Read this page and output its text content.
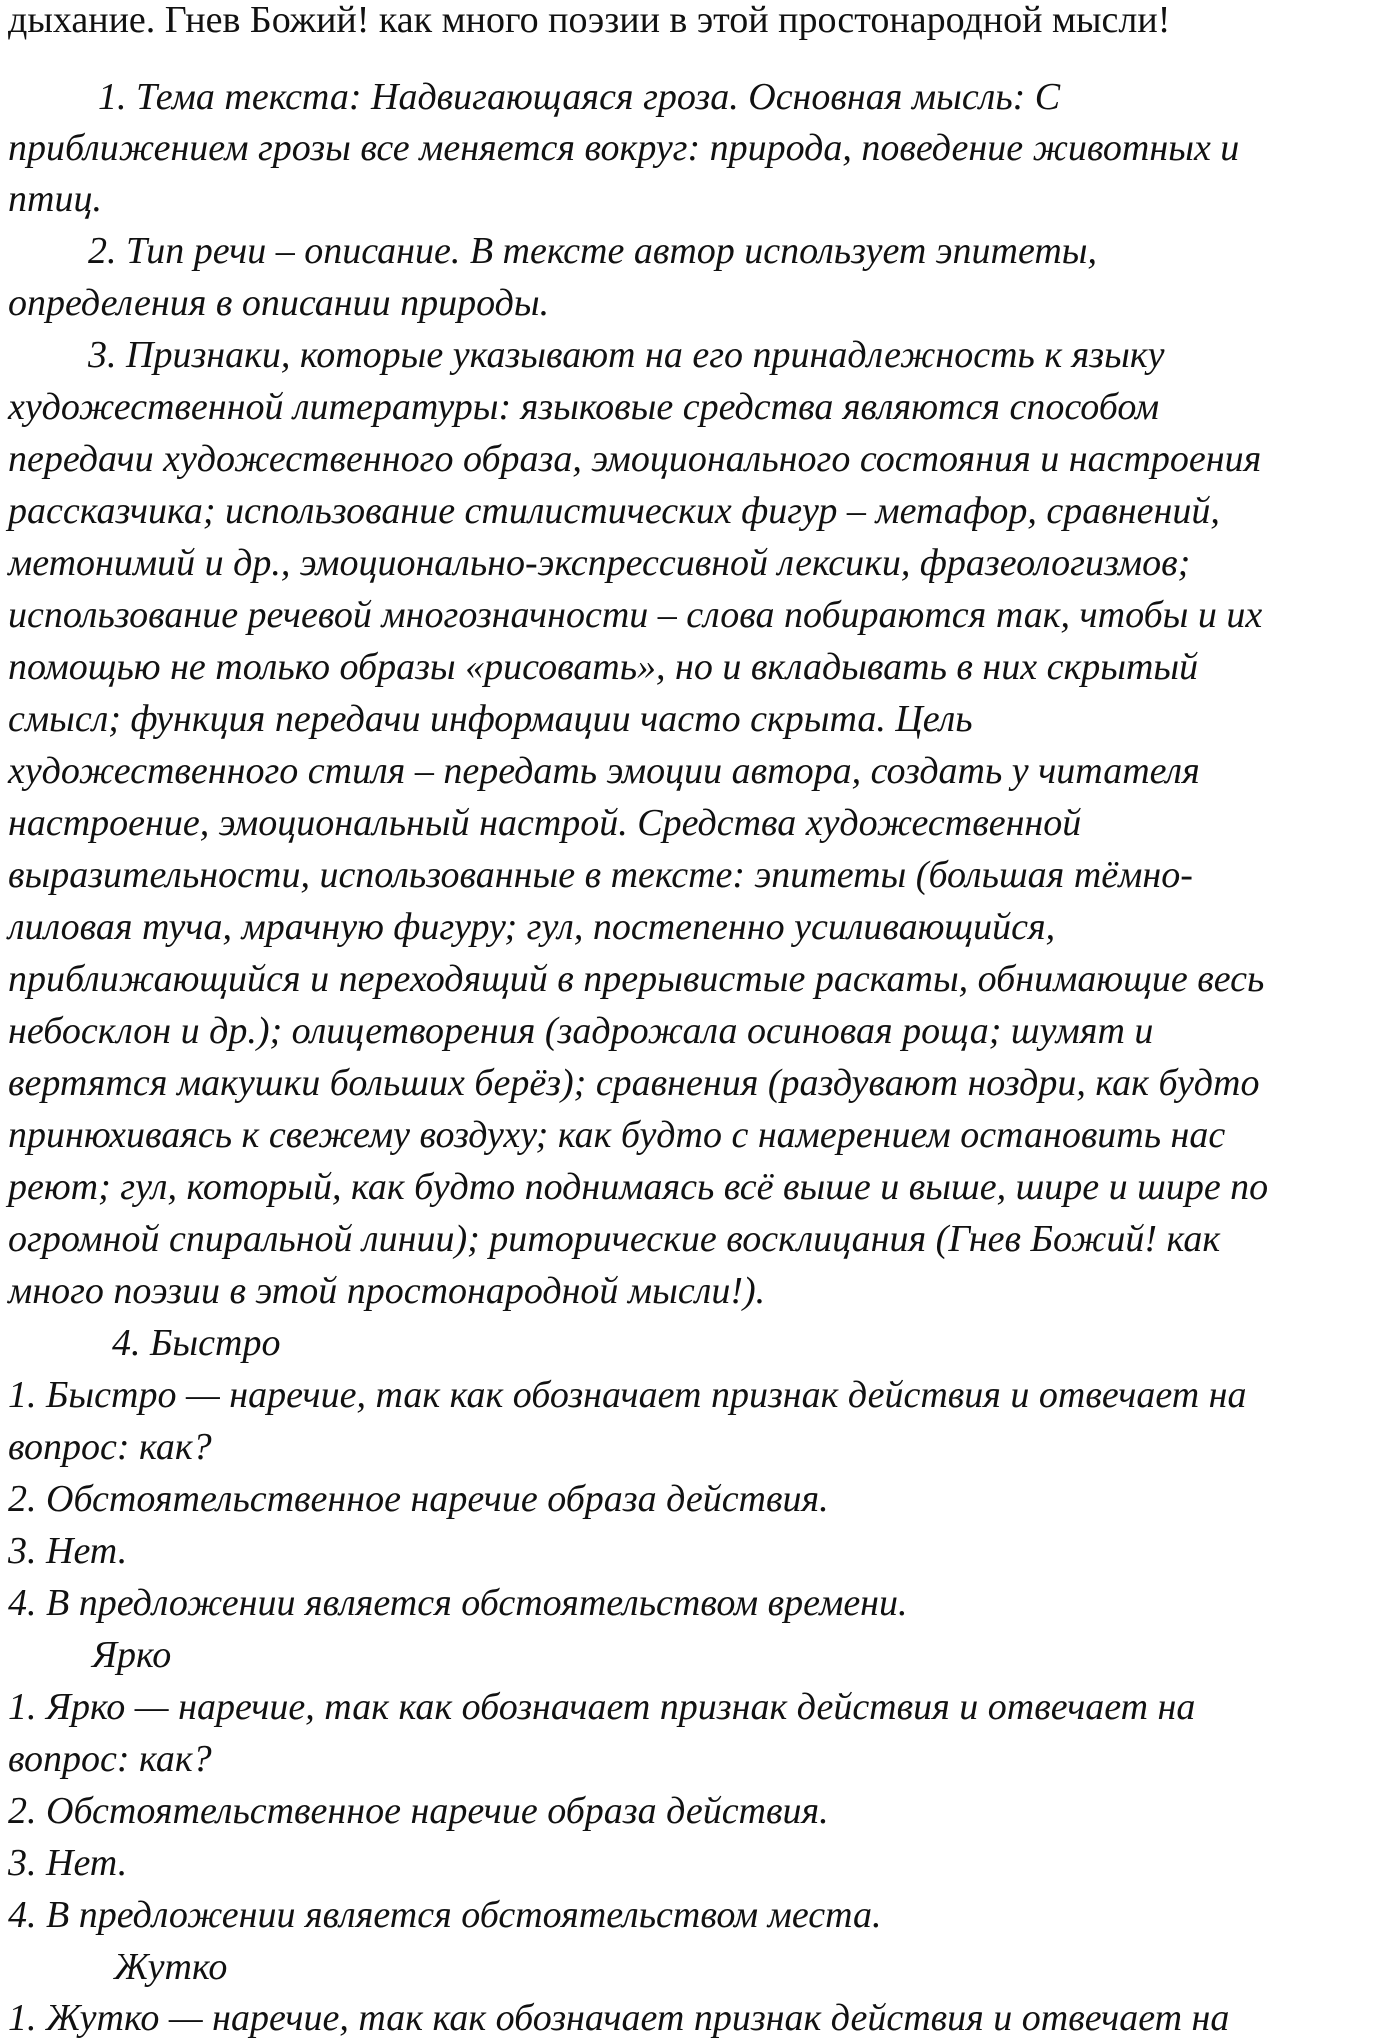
дыхание. Гнев Божий! как много поэзии в этой простонародной мысли!
1. Тема текста: Надвигающаяся гроза. Основная мысль: С
приближением грозы все меняется вокруг: природа, поведение животных и
птиц.
2. Тип речи – описание. В тексте автор использует эпитеты,
определения в описании природы.
3. Признаки, которые указывают на его принадлежность к языку
художественной литературы: языковые средства являются способом
передачи художественного образа, эмоционального состояния и настроения
рассказчика; использование стилистических фигур – метафор, сравнений,
метонимий и др., эмоционально-экспрессивной лексики, фразеологизмов;
использование речевой многозначности – слова побираются так, чтобы и их
помощью не только образы «рисовать», но и вкладывать в них скрытый
смысл; функция передачи информации часто скрыта. Цель
художественного стиля – передать эмоции автора, создать у читателя
настроение, эмоциональный настрой. Средства художественной
выразительности, использованные в тексте: эпитеты (большая тёмно-
лиловая туча, мрачную фигуру; гул, постепенно усиливающийся,
приближающийся и переходящий в прерывистые раскаты, обнимающие весь
небосклон и др.); олицетворения (задрожала осиновая роща; шумят и
вертятся макушки больших берёз); сравнения (раздувают ноздри, как будто
принюхиваясь к свежему воздуху; как будто с намерением остановить нас
реют; гул, который, как будто поднимаясь всё выше и выше, шире и шире по
огромной спиральной линии); риторические восклицания (Гнев Божий! как
много поэзии в этой простонародной мысли!).
4. Быстро
1. Быстро — наречие, так как обозначает признак действия и отвечает на
вопрос: как?
2. Обстоятельственное наречие образа действия.
3. Нет.
4. В предложении является обстоятельством времени.
Ярко
1. Ярко — наречие, так как обозначает признак действия и отвечает на
вопрос: как?
2. Обстоятельственное наречие образа действия.
3. Нет.
4. В предложении является обстоятельством места.
Жутко
1. Жутко — наречие, так как обозначает признак действия и отвечает на
